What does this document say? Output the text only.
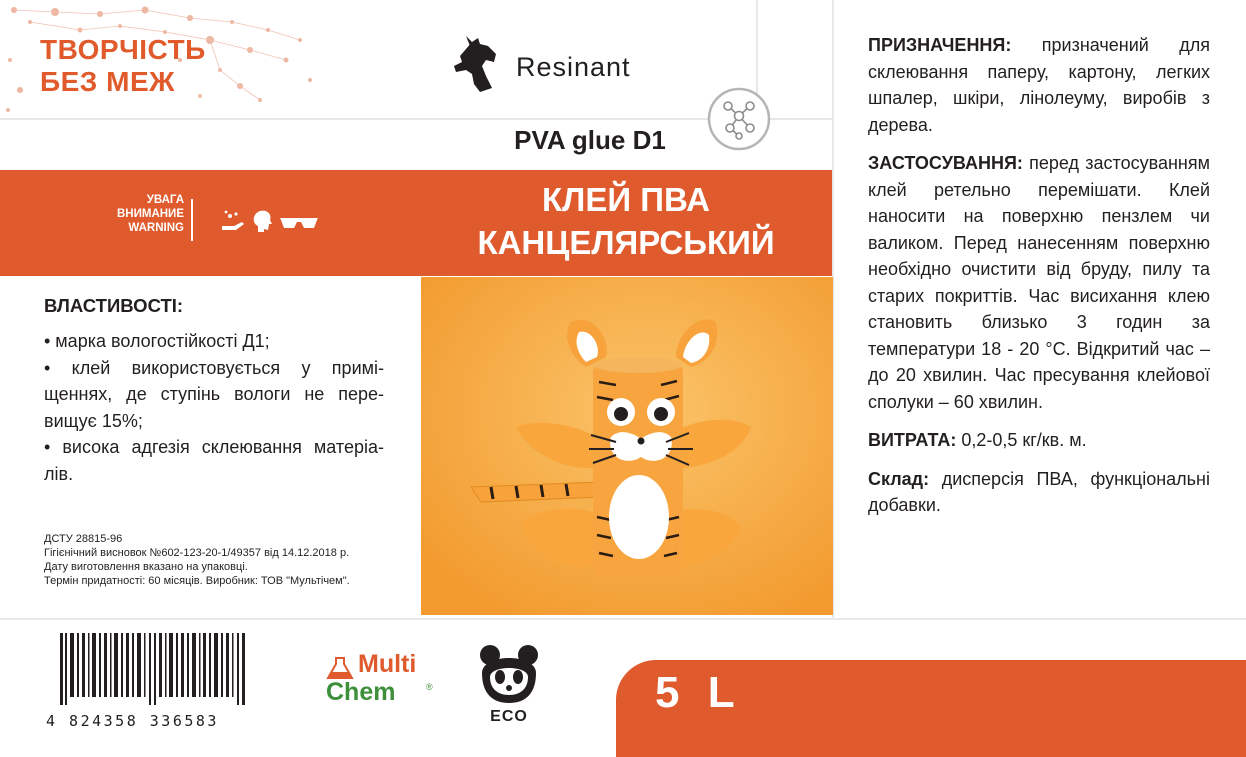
ТВОРЧІСТЬ
БЕЗ МЕЖ	Resinant
PVA glue D1
УВАГА
ВНИМАНИЕ
WARNING
КЛЕЙ ПВА
КАНЦЕЛЯРСЬКИЙ
ВЛАСТИВОСТІ:
• марка вологостійкості Д1;
• клей використовується у примі-щеннях, де ступінь вологи не пере-вищує 15%;
• висока адгезія склеювання матеріа-лів.
ДСТУ 28815-96
Гігієнічний висновок №602-123-20-1/49357 від 14.12.2018 р.
Дату виготовлення вказано на упаковці.
Термін придатності: 60 місяців. Виробник: ТОВ "Мультічем".

ПРИЗНАЧЕННЯ: призначений для склеювання паперу, картону, легких шпалер, шкіри, лінолеуму, виробів з дерева.

ЗАСТОСУВАННЯ: перед застосуванням клей ретельно перемішати. Клей наносити на поверхню пензлем чи валиком. Перед нанесенням поверхню необхідно очистити від бруду, пилу та старих покриттів. Час висихання клею становить близько 3 годин за температури 18 - 20 °С. Відкритий час – до 20 хвилин. Час пресування клейової сполуки – 60 хвилин.

ВИТРАТА: 0,2-0,5 кг/кв. м.

Склад: дисперсія ПВА, функціональні добавки.

4 824358 336583
Multi
Chem	®
ECO	5 L
